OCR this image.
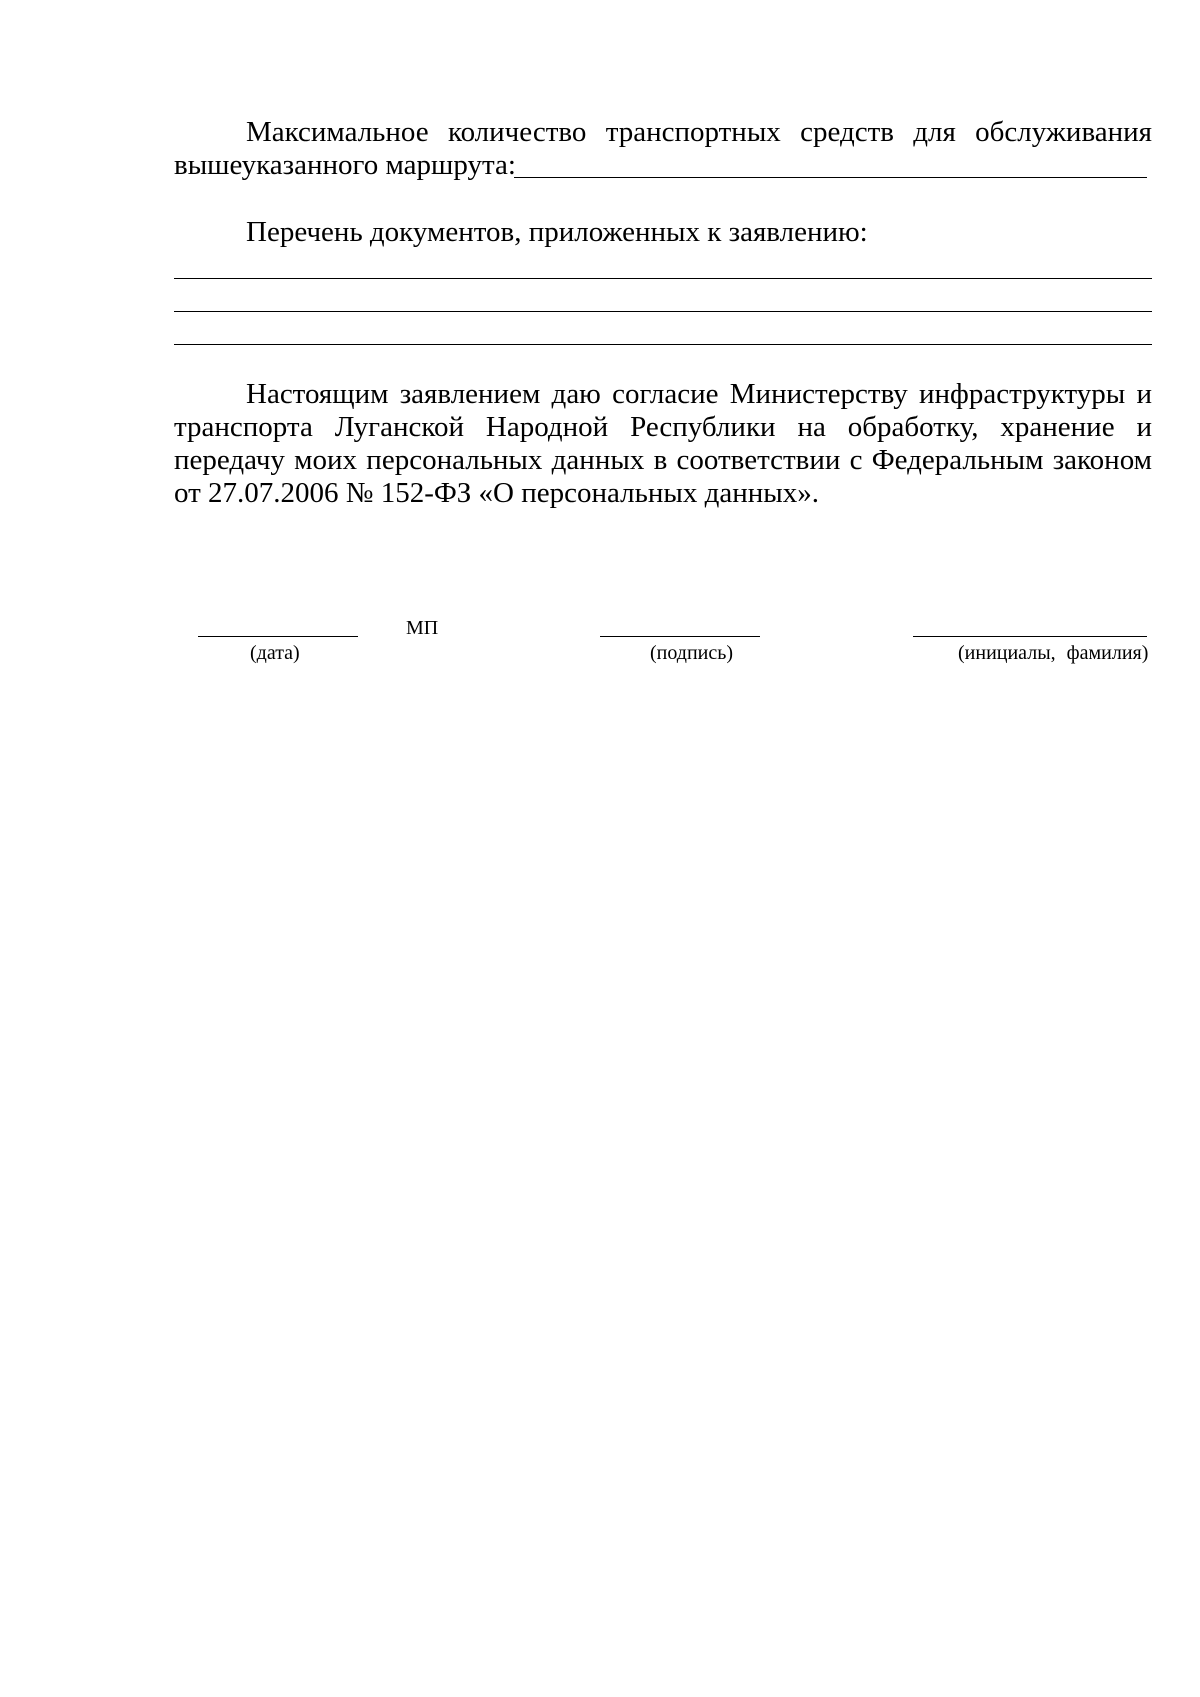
Максимальное количество транспортных средств для обслуживания вышеуказанного маршрута:

Перечень документов, приложенных к заявлению:

Настоящим заявлением даю согласие Министерству инфраструктуры и транспорта Луганской Народной Республики на обработку, хранение и передачу моих персональных данных в соответствии с Федеральным законом от 27.07.2006 № 152-ФЗ «О персональных данных».

(дата)
МП
(подпись)	(инициалы, фамилия)
